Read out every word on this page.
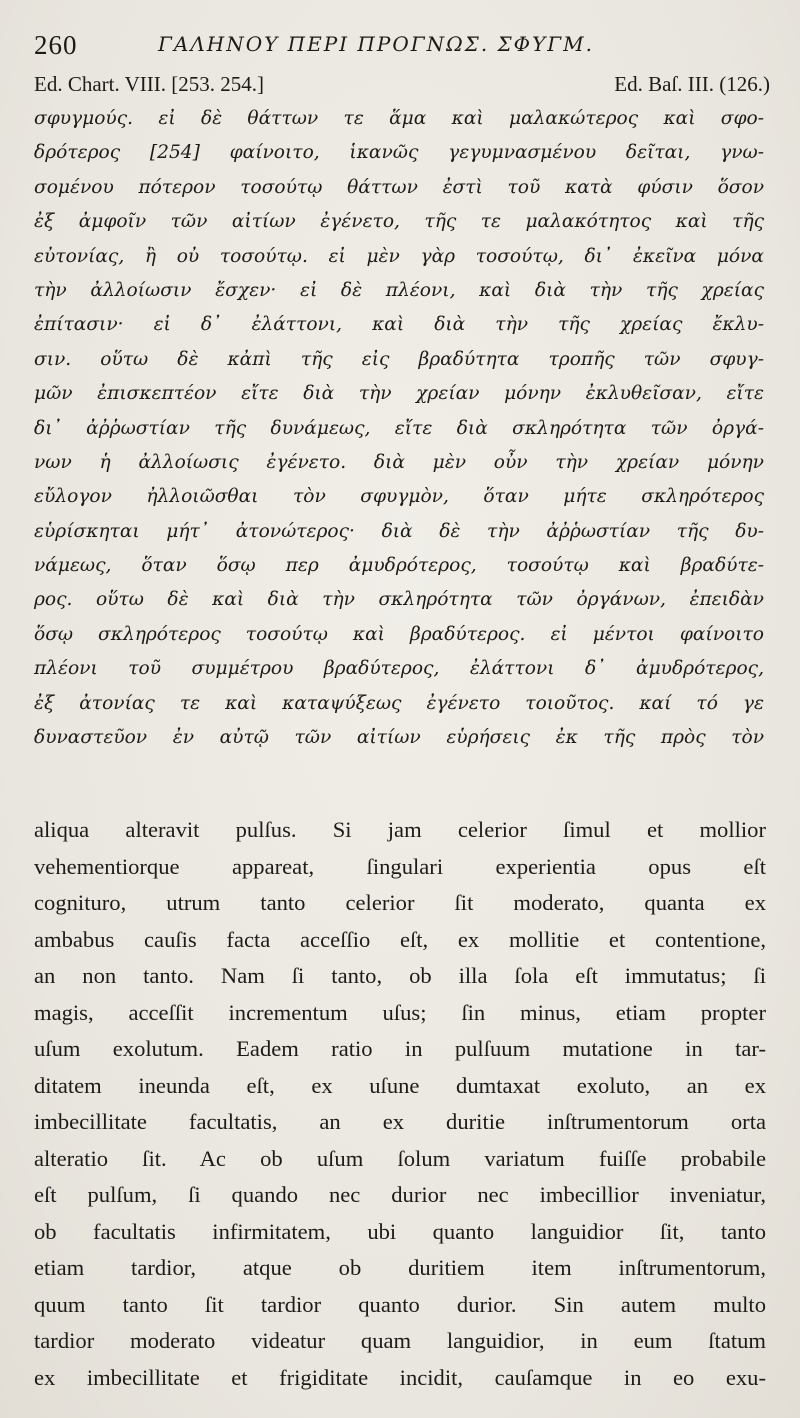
260	ΓΑΛΗΝΟΥ ΠΕΡΙ ΠΡΟΓΝΩΣ. ΣΦΥΓΜ.
Ed. Chart. VIII. [253. 254.]	Ed. Baſ. III. (126.)
σφυγμούς. εἰ δὲ θάττων τε ἅμα καὶ μαλακώτερος καὶ σφο-
δρότερος [254] φαίνοιτο, ἱκανῶς γεγυμνασμένου δεῖται, γνω-
σομένου πότερον τοσούτῳ θάττων ἐστὶ τοῦ κατὰ φύσιν ὅσον
ἐξ ἀμφοῖν τῶν αἰτίων ἐγένετο, τῆς τε μαλακότητος καὶ τῆς
εὐτονίας, ἢ οὐ τοσούτῳ. εἰ μὲν γὰρ τοσούτῳ, δι᾽ ἐκεῖνα μόνα
τὴν ἀλλοίωσιν ἔσχεν· εἰ δὲ πλέονι, καὶ διὰ τὴν τῆς χρείας
ἐπίτασιν· εἰ δ᾽ ἐλάττονι, καὶ διὰ τὴν τῆς χρείας ἔκλυ-
σιν. οὕτω δὲ κἀπὶ τῆς εἰς βραδύτητα τροπῆς τῶν σφυγ-
μῶν ἐπισκεπτέον εἴτε διὰ τὴν χρείαν μόνην ἐκλυθεῖσαν, εἴτε
δι᾽ ἀῤῥωστίαν τῆς δυνάμεως, εἴτε διὰ σκληρότητα τῶν ὀργά-
νων ἡ ἀλλοίωσις ἐγένετο. διὰ μὲν οὖν τὴν χρείαν μόνην
εὔλογον ἠλλοιῶσθαι τὸν σφυγμὸν, ὅταν μήτε σκληρότερος
εὑρίσκηται μήτ᾽ ἀτονώτερος· διὰ δὲ τὴν ἀῤῥωστίαν τῆς δυ-
νάμεως, ὅταν ὅσῳ περ ἀμυδρότερος, τοσούτῳ καὶ βραδύτε-
ρος. οὕτω δὲ καὶ διὰ τὴν σκληρότητα τῶν ὀργάνων, ἐπειδὰν
ὅσῳ σκληρότερος τοσούτῳ καὶ βραδύτερος. εἰ μέντοι φαίνοιτο
πλέονι τοῦ συμμέτρου βραδύτερος, ἐλάττονι δ᾽ ἀμυδρότερος,
ἐξ ἀτονίας τε καὶ καταψύξεως ἐγένετο τοιοῦτος. καί τό γε
δυναστεῦον ἐν αὐτῷ τῶν αἰτίων εὑρήσεις ἐκ τῆς πρὸς τὸν
aliqua alteravit pulſus. Si jam celerior ſimul et mollior
vehementiorque appareat, ſingulari experientia opus eſt
cogniturо, utrum tanto celerior ſit moderato, quanta ex
ambabus cauſis facta acceſſio eſt, ex mollitie et contentione,
an non tanto. Nam ſi tanto, ob illa ſola eſt immutatus; ſi
magis, acceſſit incrementum uſus; ſin minus, etiam propter
uſum exolutum. Eadem ratio in pulſuum mutatione in tar-
ditatem ineunda eſt, ex uſune dumtaxat exoluto, an ex
imbecillitate facultatis, an ex duritie inſtrumentorum orta
alteratio ſit. Ac ob uſum ſolum variatum fuiſſe probabile
eſt pulſum, ſi quando nec durior nec imbecillior inveniatur,
ob facultatis infirmitatem, ubi quanto languidior ſit, tanto
etiam tardior, atque ob duritiem item inſtrumentorum,
quum tanto ſit tardior quanto durior. Sin autem multo
tardior moderato videatur quam languidior, in eum ſtatum
ex imbecillitate et frigiditate incidit, cauſamque in eo exu-
